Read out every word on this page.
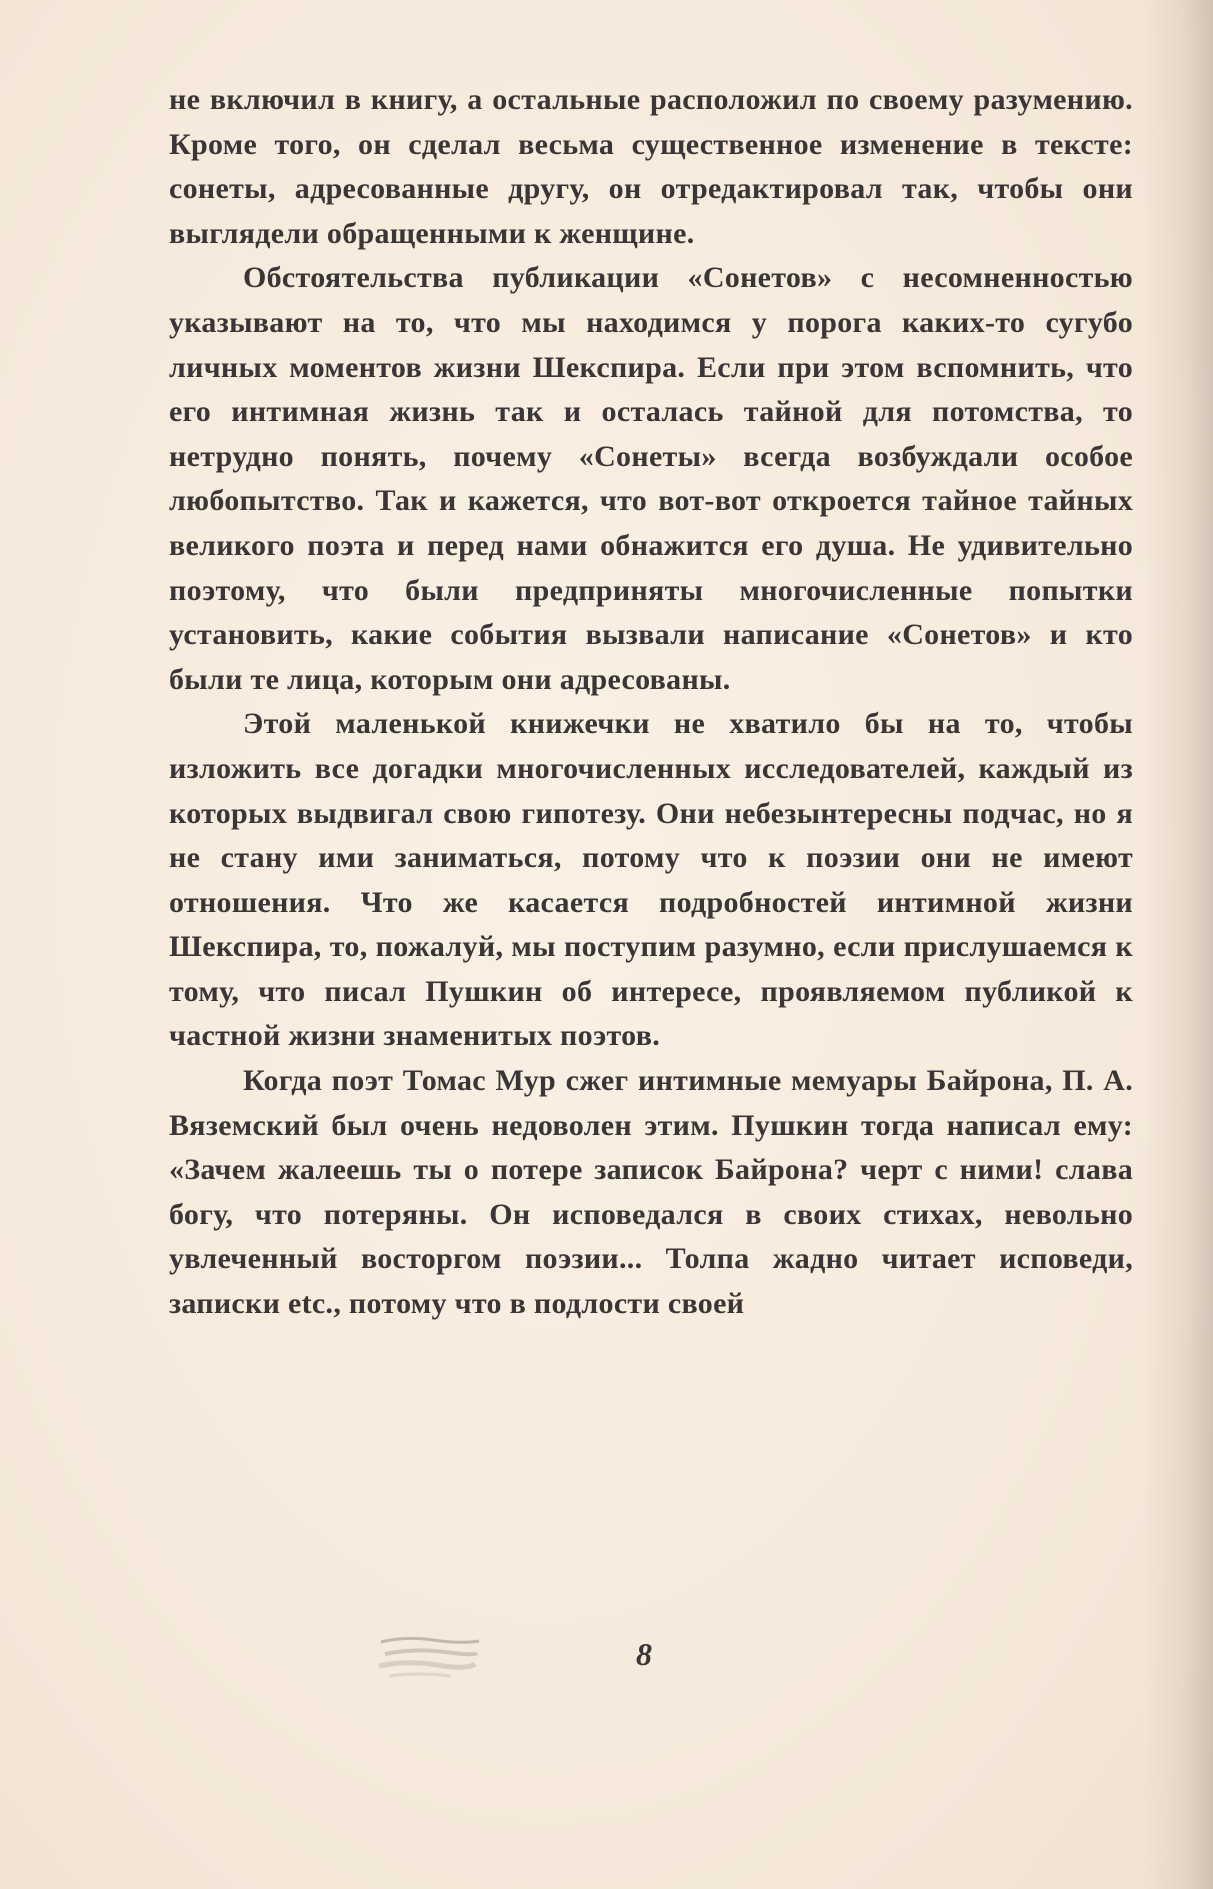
не включил в книгу, а остальные расположил по своему разумению. Кроме того, он сделал весьма существенное изменение в тексте: сонеты, адресованные другу, он отредактировал так, чтобы они выглядели обращенными к женщине.

Обстоятельства публикации «Сонетов» с несомненностью указывают на то, что мы находимся у порога каких-то сугубо личных моментов жизни Шекспира. Если при этом вспомнить, что его интимная жизнь так и осталась тайной для потомства, то нетрудно понять, почему «Сонеты» всегда возбуждали особое любопытство. Так и кажется, что вот-вот откроется тайное тайных великого поэта и перед нами обнажится его душа. Не удивительно поэтому, что были предприняты многочисленные попытки установить, какие события вызвали написание «Сонетов» и кто были те лица, которым они адресованы.

Этой маленькой книжечки не хватило бы на то, чтобы изложить все догадки многочисленных исследователей, каждый из которых выдвигал свою гипотезу. Они небезынтересны подчас, но я не стану ими заниматься, потому что к поэзии они не имеют отношения. Что же касается подробностей интимной жизни Шекспира, то, пожалуй, мы поступим разумно, если прислушаемся к тому, что писал Пушкин об интересе, проявляемом публикой к частной жизни знаменитых поэтов.

Когда поэт Томас Мур сжег интимные мемуары Байрона, П. А. Вяземский был очень недоволен этим. Пушкин тогда написал ему: «Зачем жалеешь ты о потере записок Байрона? черт с ними! слава богу, что потеряны. Он исповедался в своих стихах, невольно увлеченный восторгом поэзии... Толпа жадно читает исповеди, записки etc., потому что в подлости своей

8
